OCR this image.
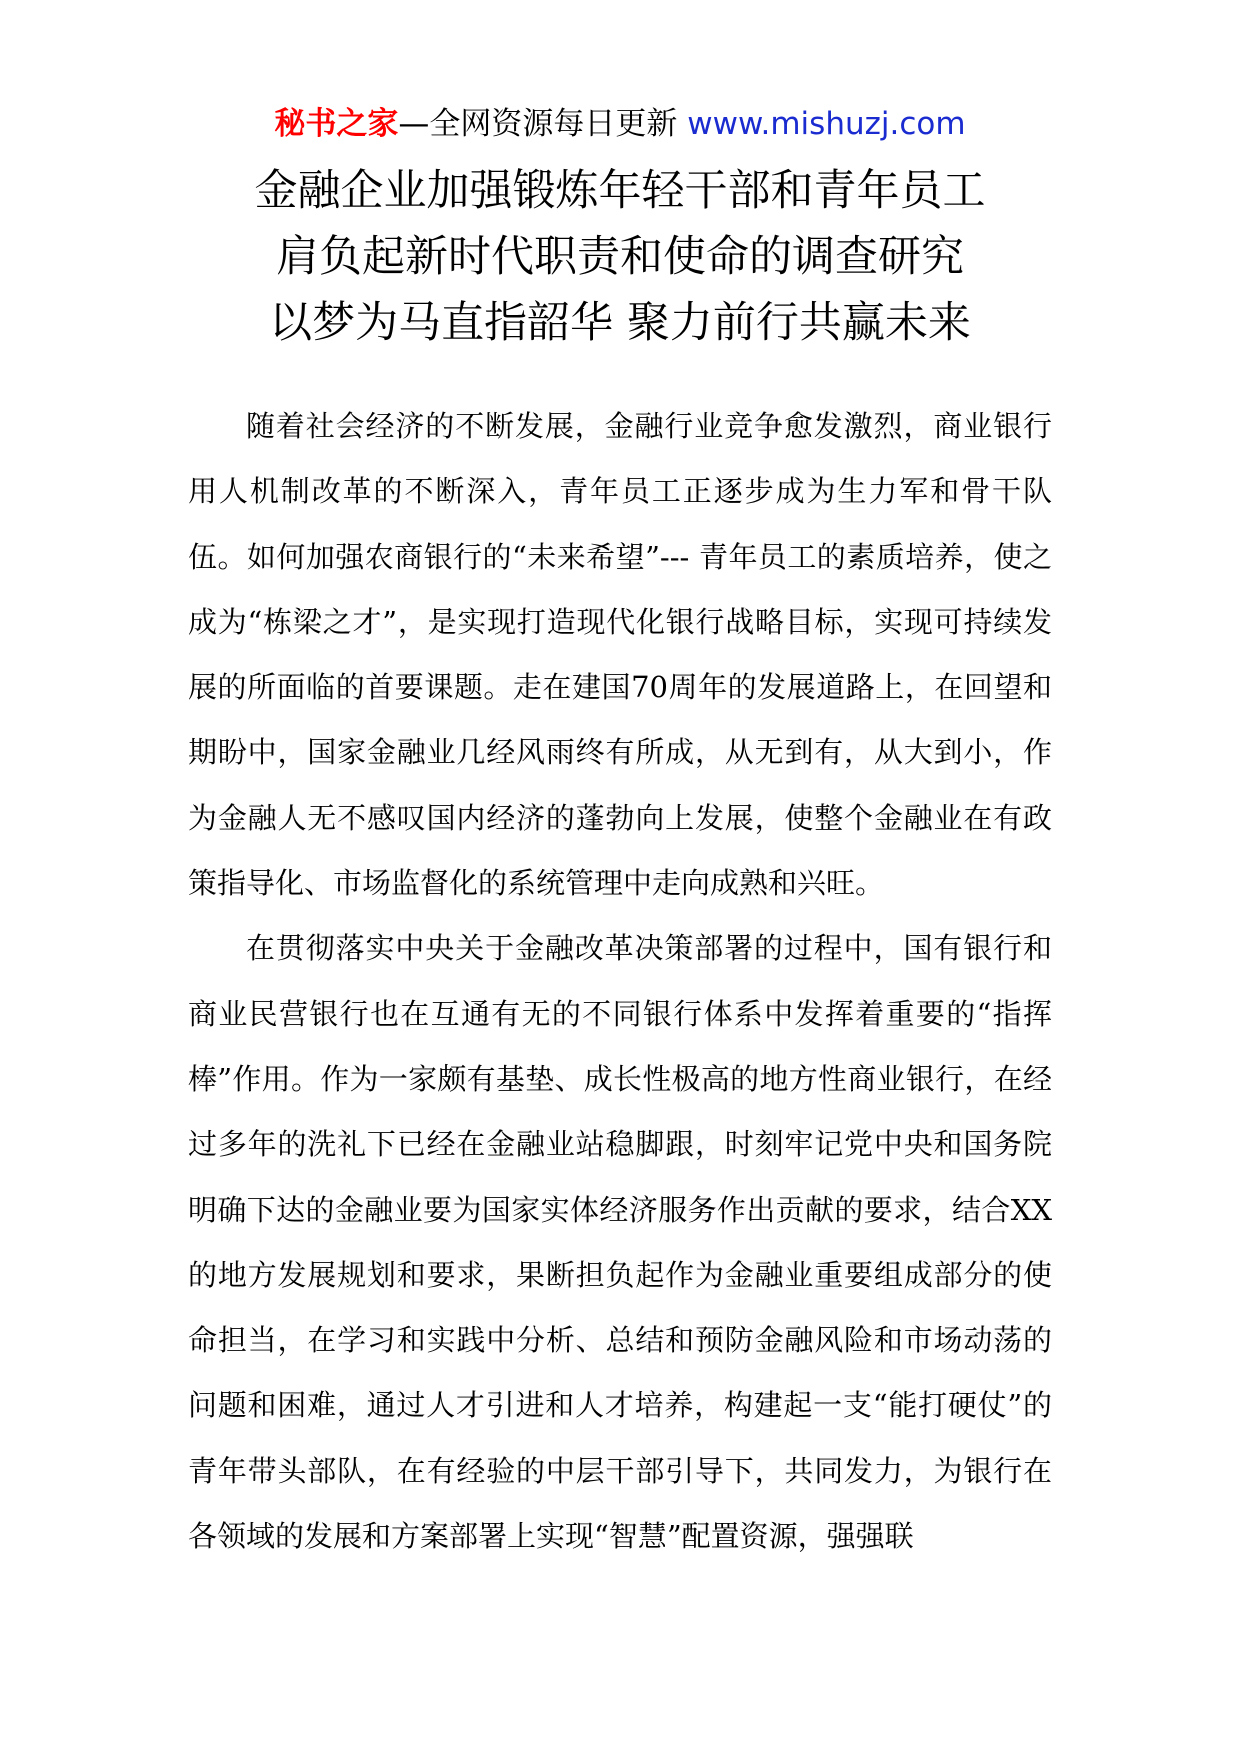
秘书之家—全网资源每日更新 www.mishuzj.com
金融企业加强锻炼年轻干部和青年员工
肩负起新时代职责和使命的调查研究
以梦为马直指韶华 聚力前行共赢未来

随着社会经济的不断发展，金融行业竞争愈发激烈，商业银行用人机制改革的不断深入，青年员工正逐步成为生力军和骨干队伍。如何加强农商银行的“未来希望”--- 青年员工的素质培养，使之成为“栋梁之才”，是实现打造现代化银行战略目标，实现可持续发展的所面临的首要课题。走在建国70周年的发展道路上，在回望和期盼中，国家金融业几经风雨终有所成，从无到有，从大到小，作为金融人无不感叹国内经济的蓬勃向上发展，使整个金融业在有政策指导化、市场监督化的系统管理中走向成熟和兴旺。

在贯彻落实中央关于金融改革决策部署的过程中，国有银行和商业民营银行也在互通有无的不同银行体系中发挥着重要的“指挥棒”作用。作为一家颇有基垫、成长性极高的地方性商业银行，在经过多年的洗礼下已经在金融业站稳脚跟，时刻牢记党中央和国务院明确下达的金融业要为国家实体经济服务作出贡献的要求，结合XX的地方发展规划和要求，果断担负起作为金融业重要组成部分的使命担当，在学习和实践中分析、总结和预防金融风险和市场动荡的问题和困难，通过人才引进和人才培养，构建起一支“能打硬仗”的青年带头部队，在有经验的中层干部引导下，共同发力，为银行在各领域的发展和方案部署上实现“智慧”配置资源，强强联
